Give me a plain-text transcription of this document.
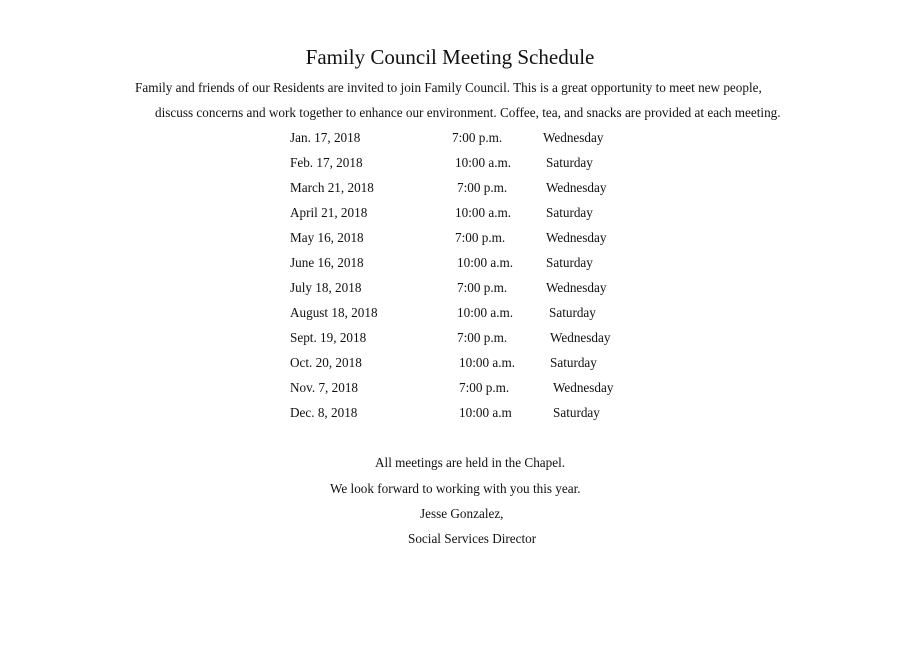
Family Council Meeting Schedule

Family and friends of our Residents are invited to join Family Council. This is a great opportunity to meet new people,

discuss concerns and work together to enhance our environment. Coffee, tea, and snacks are provided at each meeting.

Jan. 17, 2018	7:00 p.m.	Wednesday
Feb. 17, 2018	10:00 a.m.	Saturday
March 21, 2018	7:00 p.m.	Wednesday
April 21, 2018	10:00 a.m.	Saturday
May 16, 2018	7:00 p.m.	Wednesday
June 16, 2018	10:00 a.m. Saturday
July 18, 2018	7:00 p.m.	Wednesday
August 18, 2018	10:00 a.m.	Saturday
Sept. 19, 2018	7:00 p.m.	Wednesday
Oct. 20, 2018	10:00 a.m.	Saturday
Nov. 7, 2018	7:00 p.m.	Wednesday
Dec. 8, 2018	10:00 a.m	Saturday

All meetings are held in the Chapel.

We look forward to working with you this year.

Jesse Gonzalez,

Social Services Director
